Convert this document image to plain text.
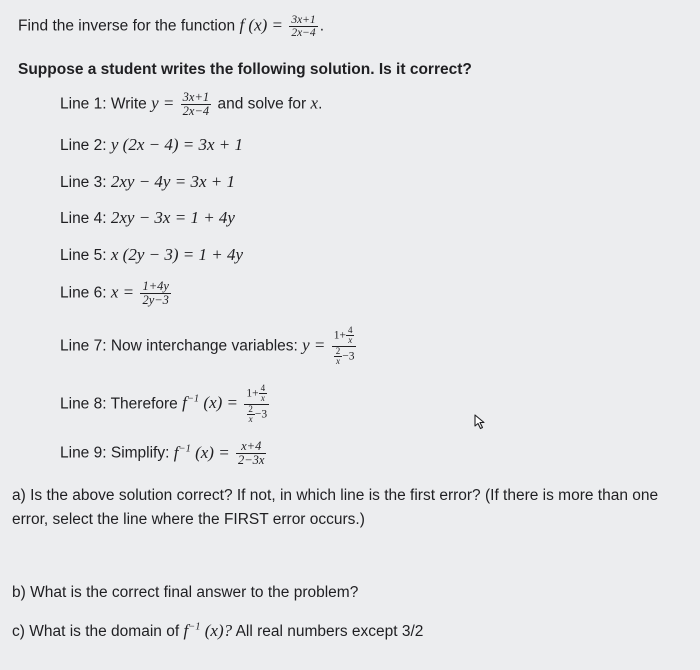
Find the inverse for the function f $(x) = \frac{3x+1}{2x-4}$ .
Suppose a student writes the following solution. Is it correct?
Line 1: Write $y = \frac{3x+1}{2x-4}$ and solve for x.
Line 2: y (2x − 4) = 3x + 1
Line 3: 2xy − 4y = 3x + 1
Line 4: 2xy − 3x = 1 + 4y
Line 5: x (2y − 3) = 1 + 4y
Line 6: $x = \frac{1+4y}{2y-3}$
Line 7: Now interchange variables: $y = \frac{1+ \frac{4}{x}}{\frac{2}{x} -3}$
Line 8: Therefore $f^{-1}$ $(x) = \frac{1+ \frac{4}{x}}{\frac{2}{x} -3}$
Line 9: Simplify: $f^{-1}$ $(x) = \frac{x+4}{2-3x}$
a) Is the above solution correct? If not, in which line is the first error? (If there is more than one error, select the line where the FIRST error occurs.)
b) What is the correct final answer to the problem?
c) What is the domain of $f^{-1}$ (x)? All real numbers except 3/2
